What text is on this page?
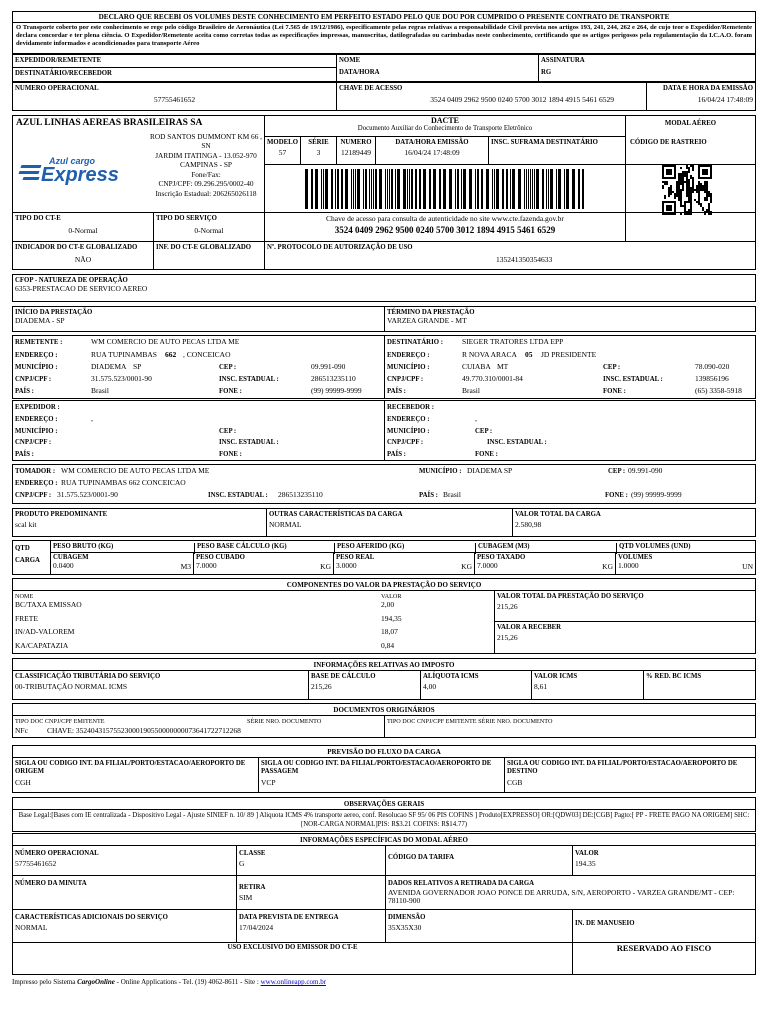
DECLARO QUE RECEBI OS VOLUMES DESTE CONHECIMENTO EM PERFEITO ESTADO PELO QUE DOU POR CUMPRIDO O PRESENTE CONTRATO DE TRANSPORTE
O Transporte coberto por este conhecimento se rege pelo código Brasileiro de Aeronáutica (Lei 7.565 de 19/12/1986), especificamente pelas regras relativas a responsabilidade Civil prevista nos artigos 193, 241, 244, 262 e 264, de cujo teor o Expedidor/Remetente declara concordar e ter plena ciência. O Expedidor/Remetente aceita como corretas todas as especificações impressas, manuscritas, datilografadas ou carimbadas neste conhecimento, certificando que os artigos perigosos pela regulamentação da I.C.A.O. foram devidamente informados e acondicionados para transporte Aéreo
EXPEDIDOR/REMETENTE
DESTINATÁRIO/RECEBEDOR
NOME
DATA/HORA
ASSINATURA
RG
NUMERO OPERACIONAL
57755461652
CHAVE DE ACESSO
3524 0409 2962 9500 0240 5700 3012 1894 4915 5461 6529
DATA E HORA DA EMISSÃO
16/04/24 17:48:09
AZUL LINHAS AEREAS BRASILEIRAS SA
Azul cargo
Express
ROD SANTOS DUMMONT KM 66 , SN
JARDIM ITATINGA - 13.052-970
CAMPINAS - SP
Fone/Fax:
CNPJ/CPF: 09.296.295/0002-40
Inscrição Estadual: 206265026118
DACTE
Documento Auxiliar do Conhecimento de Transporte Eletrônico
MODAL AÉREO
MODELO
57
SÉRIE
3
NUMERO
12189449
DATA/HORA EMISSÃO
16/04/24 17:48:09
INSC. SUFRAMA DESTINATÁRIO	CÓDIGO DE RASTREIO
TIPO DO CT-E
0-Normal
TIPO DO SERVIÇO
0-Normal
Chave de acesso para consulta de autenticidade no site www.cte.fazenda.gov.br
3524 0409 2962 9500 0240 5700 3012 1894 4915 5461 6529
INDICADOR DO CT-E GLOBALIZADO
NÃO
INF. DO CT-E GLOBALIZADO	Nº. PROTOCOLO DE AUTORIZAÇÃO DE USO
135241350354633
CFOP - NATUREZA DE OPERAÇÃO
6353-PRESTACAO DE SERVICO AEREO
INÍCIO DA PRESTAÇÃO
DIADEMA - SP
TÉRMINO DA PRESTAÇÃO
VARZEA GRANDE - MT
REMETENTE :	WM COMERCIO DE AUTO PECAS LTDA ME
ENDEREÇO :	RUA TUPINAMBAS 662 , CONCEICAO
MUNICÍPIO :	DIADEMA SP	CEP :	09.991-090
CNPJ/CPF :	31.575.523/0001-90	INSC. ESTADUAL :	286513235110
PAÍS :	Brasil	FONE :	(99) 99999-9999
DESTINATÁRIO :	SIEGER TRATORES LTDA EPP
ENDEREÇO :	R NOVA ARACA 05 JD PRESIDENTE
MUNICÍPIO :	CUIABA MT	CEP :	78.090-020
CNPJ/CPF :	49.770.310/0001-84	INSC. ESTADUAL :	139856196
PAÍS :	Brasil	FONE :	(65) 3358-5918
EXPEDIDOR :
ENDEREÇO :	,
MUNICÍPIO :	CEP :
CNPJ/CPF :	INSC. ESTADUAL :
PAÍS :	FONE :
RECEBEDOR :
ENDEREÇO :	,
MUNICÍPIO :	CEP :
CNPJ/CPF :	INSC. ESTADUAL :
PAÍS :	FONE :
TOMADOR : WM COMERCIO DE AUTO PECAS LTDA ME	MUNICÍPIO : DIADEMA SP	CEP : 09.991-090
ENDEREÇO : RUA TUPINAMBAS 662 CONCEICAO
CNPJ/CPF : 31.575.523/0001-90	INSC. ESTADUAL : 286513235110	PAÍS : Brasil	FONE : (99) 99999-9999
PRODUTO PREDOMINANTE
scal kit
OUTRAS CARACTERÍSTICAS DA CARGA
NORMAL
VALOR TOTAL DA CARGA
2.580,98
QTD
CARGA
PESO BRUTO (KG)	PESO BASE CÁLCULO (KG)	PESO AFERIDO (KG)	CUBAGEM (M3)	QTD VOLUMES (UND)
CUBAGEM
0.0400	M3
PESO CUBADO
7.0000	KG
PESO REAL
3.0000	KG
PESO TAXADO
7.0000	KG
VOLUMES
1.0000	UN
COMPONENTES DO VALOR DA PRESTAÇÃO DO SERVIÇO
NOME	VALOR
BC/TAXA EMISSAO	2,00
FRETE	194,35
IN/AD-VALOREM	18,07
KA/CAPATAZIA	0,84
VALOR TOTAL DA PRESTAÇÃO DO SERVIÇO
215,26
VALOR A RECEBER
215,26
INFORMAÇÕES RELATIVAS AO IMPOSTO
CLASSIFICAÇÃO TRIBUTÁRIA DO SERVIÇO
00-TRIBUTAÇÃO NORMAL ICMS
BASE DE CÁLCULO
215,26
ALÍQUOTA ICMS
4,00
VALOR ICMS
8,61
% RED. BC ICMS
DOCUMENTOS ORIGINÁRIOS
TIPO DOC CNPJ/CPF EMITENTE	SÉRIE NRO. DOCUMENTO
NFc	CHAVE: 35240431575523000190550000000073641722712268
TIPO DOC CNPJ/CPF EMITENTE SÉRIE NRO. DOCUMENTO
PREVISÃO DO FLUXO DA CARGA
SIGLA OU CODIGO INT. DA FILIAL/PORTO/ESTACAO/AEROPORTO DE ORIGEM
CGH
SIGLA OU CODIGO INT. DA FILIAL/PORTO/ESTACAO/AEROPORTO DE PASSAGEM
VCP
SIGLA OU CODIGO INT. DA FILIAL/PORTO/ESTACAO/AEROPORTO DE DESTINO
CGB
OBSERVAÇÕES GERAIS
Base Legal:[Bases com IE centralizada - Dispositivo Legal - Ajuste SINIEF n. 10/ 89 ] Aliquota ICMS 4% transporte aereo, conf. Resolucao SF 95/ 06 PIS COFINS ] Produto[EXPRESSO] OR:[QDW03] DE:[CGB] Pagto:[ PP - FRETE PAGO NA ORIGEM] SHC:[NOR-CARGA NORMAL]PIS: R$3.21 COFINS: R$14.77)
INFORMAÇÕES ESPECÍFICAS DO MODAL AÉREO
NÚMERO OPERACIONAL
57755461652
CLASSE
G
CÓDIGO DA TARIFA
VALOR
194.35
NÚMERO DA MINUTA
RETIRA
SIM
DADOS RELATIVOS A RETIRADA DA CARGA
AVENIDA GOVERNADOR JOAO PONCE DE ARRUDA, S/N, AEROPORTO - VARZEA GRANDE/MT - CEP: 78110-900
CARACTERÍSTICAS ADICIONAIS DO SERVIÇO
NORMAL
DATA PREVISTA DE ENTREGA
17/04/2024
DIMENSÃO
35X35X30	IN. DE MANUSEIO
USO EXCLUSIVO DO EMISSOR DO CT-E	RESERVADO AO FISCO
Impresso pelo Sistema CargoOnline - Online Applications - Tel. (19) 4062-8611 - Site : www.onlineapp.com.br
